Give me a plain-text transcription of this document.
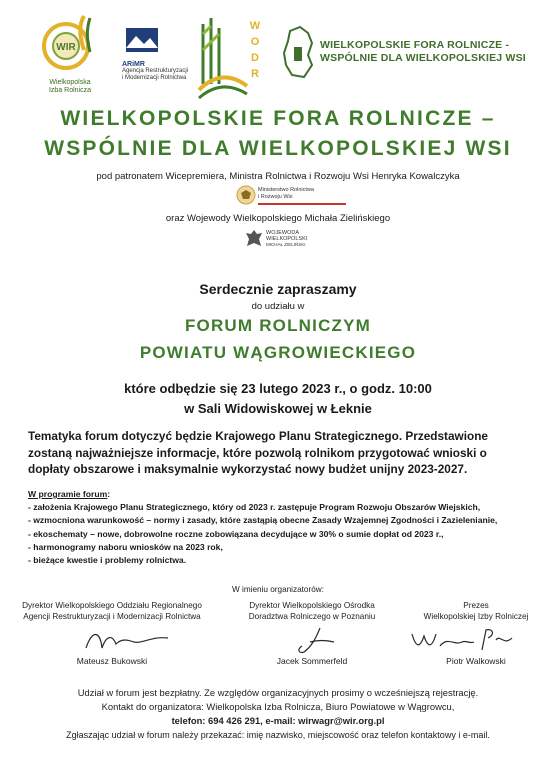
WIR
Wielkopolska
Izba Rolnicza
ARiMR
Agencja Restrukturyzacji
i Modernizacji Rolnictwa
WODR
WIELKOPOLSKIE FORA ROLNICZE -
WSPÓLNIE DLA WIELKOPOLSKIEJ WSI
WIELKOPOLSKIE FORA ROLNICZE –
WSPÓLNIE DLA WIELKOPOLSKIEJ WSI
pod patronatem Wicepremiera, Ministra Rolnictwa i Rozwoju Wsi Henryka Kowalczyka
Ministerstwo Rolnictwa
i Rozwoju Wsi
oraz Wojewody Wielkopolskiego Michała Zielińskiego
WOJEWODA
WIELKOPOLSKI
MICHAŁ ZIELIŃSKI
Serdecznie zapraszamy
do udziału w
FORUM ROLNICZYM
POWIATU WĄGROWIECKIEGO
które odbędzie się 23 lutego 2023 r., o godz. 10:00
w Sali Widowiskowej w Łeknie
Tematyka forum dotyczyć będzie Krajowego Planu Strategicznego. Przedstawione
zostaną najważniejsze informacje, które pozwolą rolnikom przygotować wnioski o
dopłaty obszarowe i maksymalnie wykorzystać nowy budżet unijny 2023-2027.
W programie forum:
- założenia Krajowego Planu Strategicznego, który od 2023 r. zastępuje Program Rozwoju Obszarów Wiejskich,
- wzmocniona warunkowość – normy i zasady, które zastąpią obecne Zasady Wzajemnej Zgodności i Zazielenianie,
- ekoschematy – nowe, dobrowolne roczne zobowiązana decydujące w 30% o sumie dopłat od 2023 r.,
- harmonogramy naboru wniosków na 2023 rok,
- bieżące kwestie i problemy rolnictwa.
W imieniu organizatorów:
Dyrektor Wielkopolskiego Oddziału Regionalnego
Agencji Restrukturyzacji i Modernizacji Rolnictwa
Mateusz Bukowski
Dyrektor Wielkopolskiego Ośrodka
Doradztwa Rolniczego w Poznaniu
Jacek Sommerfeld
Prezes
Wielkopolskiej Izby Rolniczej
Piotr Walkowski
Udział w forum jest bezpłatny. Ze względów organizacyjnych prosimy o wcześniejszą rejestrację.
Kontakt do organizatora: Wielkopolska Izba Rolnicza, Biuro Powiatowe w Wągrowcu,
telefon: 694 426 291, e-mail: wirwagr@wir.org.pl
Zgłaszając udział w forum należy przekazać: imię nazwisko, miejscowość oraz telefon kontaktowy i e-mail.
